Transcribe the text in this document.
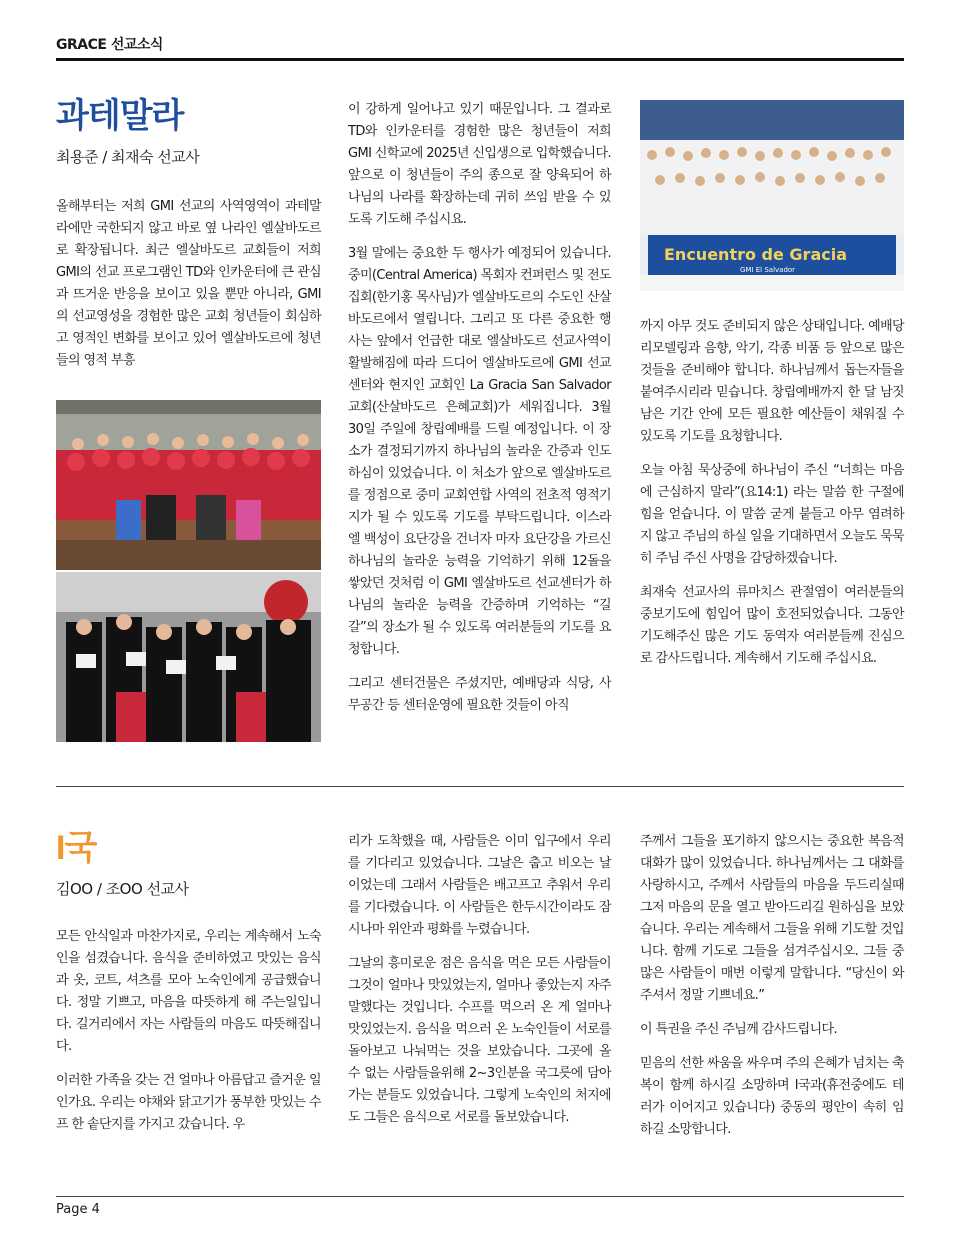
GRACE 선교소식
과테말라
최용준 / 최재숙 선교사

올해부터는 저희 GMI 선교의 사역영역이 과테말라에만 국한되지 않고 바로 옆 나라인 엘살바도르로 확장됩니다. 최근 엘살바도르 교회들이 저희 GMI의 선교 프로그램인 TD와 인카운터에 큰 관심과 뜨거운 반응을 보이고 있을 뿐만 아니라, GMI의 선교영성을 경험한 많은 교회 청년들이 회심하고 영적인 변화를 보이고 있어 엘살바도르에 청년들의 영적 부흥

이 강하게 일어나고 있기 때문입니다. 그 결과로 TD와 인카운터를 경험한 많은 청년들이 저희 GMI 신학교에 2025년 신입생으로 입학했습니다. 앞으로 이 청년들이 주의 종으로 잘 양육되어 하나님의 나라를 확장하는데 귀히 쓰임 받을 수 있도록 기도해 주십시요.

3월 말에는 중요한 두 행사가 예정되어 있습니다. 중미(Central America) 목회자 컨퍼런스 및 전도집회(한기홍 목사님)가 엘살바도르의 수도인 산살바도르에서 열립니다. 그리고 또 다른 중요한 행사는 앞에서 언급한 대로 엘살바도르 선교사역이 활발해짐에 따라 드디어 엘살바도르에 GMI 선교센터와 현지인 교회인 La Gracia San Salvador 교회(산살바도르 은혜교회)가 세워집니다. 3월 30일 주일에 창립예배를 드릴 예정입니다. 이 장소가 결정되기까지 하나님의 놀라운 간증과 인도하심이 있었습니다. 이 처소가 앞으로 엘살바도르를 정점으로 중미 교회연합 사역의 전초적 영적기지가 될 수 있도록 기도를 부탁드립니다. 이스라엘 백성이 요단강을 건너자 마자 요단강을 가르신 하나님의 놀라운 능력을 기억하기 위해 12돌을 쌓았던 것처럼 이 GMI 엘살바도르 선교센터가 하나님의 놀라운 능력을 간증하며 기억하는 “길갈”의 장소가 될 수 있도록 여러분들의 기도를 요청합니다.

그리고 센터건물은 주셨지만, 예배당과 식당, 사무공간 등 센터운영에 필요한 것들이 아직

Encuentro de Gracia
GMI El Salvador

까지 아무 것도 준비되지 않은 상태입니다. 예배당 리모델링과 음향, 악기, 각종 비품 등 앞으로 많은 것들을 준비해야 합니다. 하나님께서 돕는자들을 붙여주시리라 믿습니다. 창립예배까지 한 달 남짓 남은 기간 안에 모든 필요한 예산들이 채워질 수 있도록 기도를 요청합니다.

오늘 아침 묵상중에 하나님이 주신 “너희는 마음에 근심하지 말라”(요14:1) 라는 말씀 한 구절에 힘을 얻습니다. 이 말씀 굳게 붙들고 아무 염려하지 않고 주님의 하실 일을 기대하면서 오늘도 묵묵히 주님 주신 사명을 감당하겠습니다.

최재숙 선교사의 류마치스 관절염이 여러분들의 중보기도에 힘입어 많이 호전되었습니다. 그동안 기도해주신 많은 기도 동역자 여러분들께 진심으로 감사드립니다. 계속해서 기도해 주십시요.

I국
김OO / 조OO 선교사

모든 안식일과 마찬가지로, 우리는 계속해서 노숙인을 섬겼습니다. 음식을 준비하였고 맛있는 음식과 옷, 코트, 셔츠를 모아 노숙인에게 공급했습니다. 정말 기쁘고, 마음을 따뜻하게 해 주는일입니다. 길거리에서 자는 사람들의 마음도 따뜻해집니다.

이러한 가족을 갖는 건 얼마나 아름답고 즐거운 일인가요. 우리는 야채와 닭고기가 풍부한 맛있는 수프 한 솥단지를 가지고 갔습니다. 우

리가 도착했을 때, 사람들은 이미 입구에서 우리를 기다리고 있었습니다. 그날은 춥고 비오는 날이었는데 그래서 사람들은 배고프고 추워서 우리를 기다렸습니다. 이 사람들은 한두시간이라도 잠시나마 위안과 평화를 누렸습니다.

그날의 흥미로운 점은 음식을 먹은 모든 사람들이 그것이 얼마나 맛있었는지, 얼마나 좋았는지 자주 말했다는 것입니다. 수프를 먹으러 온 게 얼마나 맛있었는지. 음식을 먹으러 온 노숙인들이 서로를 돌아보고 나눠먹는 것을 보았습니다. 그곳에 올 수 없는 사람들을위해 2~3인분을 국그릇에 담아가는 분들도 있었습니다. 그렇게 노숙인의 처지에도 그들은 음식으로 서로를 돌보았습니다.

주께서 그들을 포기하지 않으시는 중요한 복음적 대화가 많이 있었습니다. 하나님께서는 그 대화를 사랑하시고, 주께서 사람들의 마음을 두드리실때 그저 마음의 문을 열고 받아드리길 원하심을 보았습니다. 우리는 계속해서 그들을 위해 기도할 것입니다. 함께 기도로 그들을 섬겨주십시오. 그들 중 많은 사람들이 매번 이렇게 말합니다. “당신이 와주셔서 정말 기쁘네요.”

이 특권을 주신 주님께 감사드립니다.

믿음의 선한 싸움을 싸우며 주의 은혜가 넘치는 축복이 함께 하시길 소망하며 I국과(휴전중에도 테러가 이어지고 있습니다) 중동의 평안이 속히 임하길 소망합니다.

Page 4
